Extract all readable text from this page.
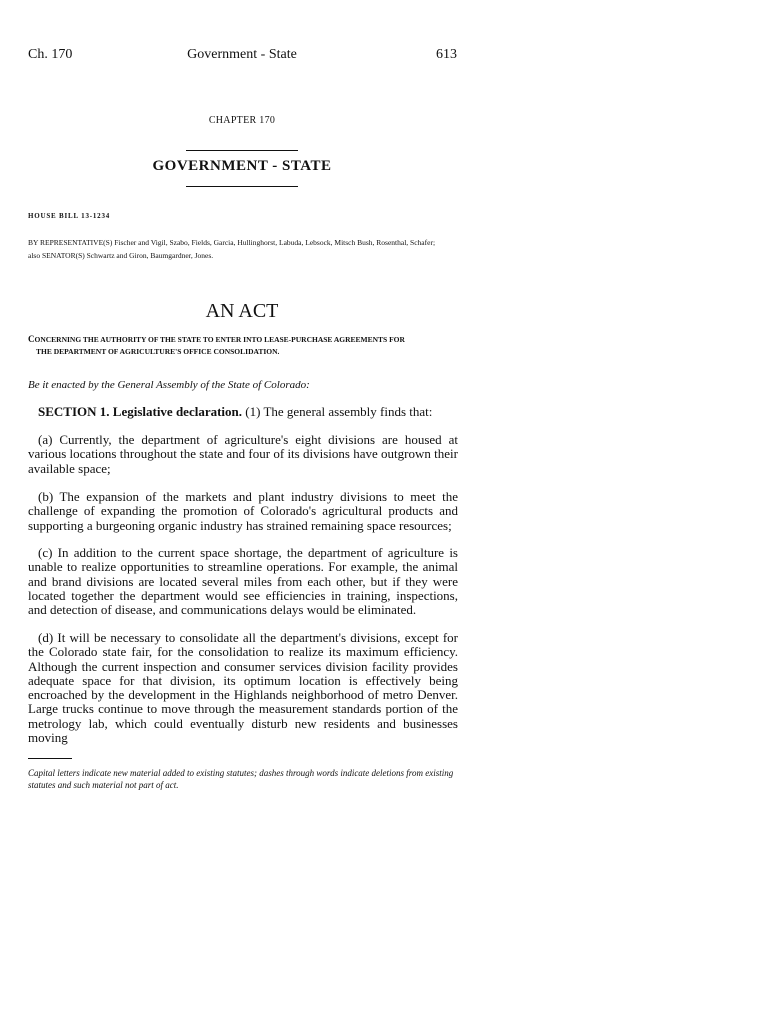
Ch. 170	Government - State	613
CHAPTER 170
GOVERNMENT - STATE
HOUSE BILL 13-1234
BY REPRESENTATIVE(S) Fischer and Vigil, Szabo, Fields, Garcia, Hullinghorst, Labuda, Lebsock, Mitsch Bush, Rosenthal, Schafer;
also SENATOR(S) Schwartz and Giron, Baumgardner, Jones.
AN ACT
CONCERNING THE AUTHORITY OF THE STATE TO ENTER INTO LEASE-PURCHASE AGREEMENTS FOR
THE DEPARTMENT OF AGRICULTURE'S OFFICE CONSOLIDATION.
Be it enacted by the General Assembly of the State of Colorado:

SECTION 1. Legislative declaration. (1) The general assembly finds that:

(a) Currently, the department of agriculture's eight divisions are housed at various locations throughout the state and four of its divisions have outgrown their available space;

(b) The expansion of the markets and plant industry divisions to meet the challenge of expanding the promotion of Colorado's agricultural products and supporting a burgeoning organic industry has strained remaining space resources;

(c) In addition to the current space shortage, the department of agriculture is unable to realize opportunities to streamline operations. For example, the animal and brand divisions are located several miles from each other, but if they were located together the department would see efficiencies in training, inspections, and detection of disease, and communications delays would be eliminated.

(d) It will be necessary to consolidate all the department's divisions, except for the Colorado state fair, for the consolidation to realize its maximum efficiency. Although the current inspection and consumer services division facility provides adequate space for that division, its optimum location is effectively being encroached by the development in the Highlands neighborhood of metro Denver. Large trucks continue to move through the measurement standards portion of the metrology lab, which could eventually disturb new residents and businesses moving

Capital letters indicate new material added to existing statutes; dashes through words indicate deletions from existing statutes and such material not part of act.
